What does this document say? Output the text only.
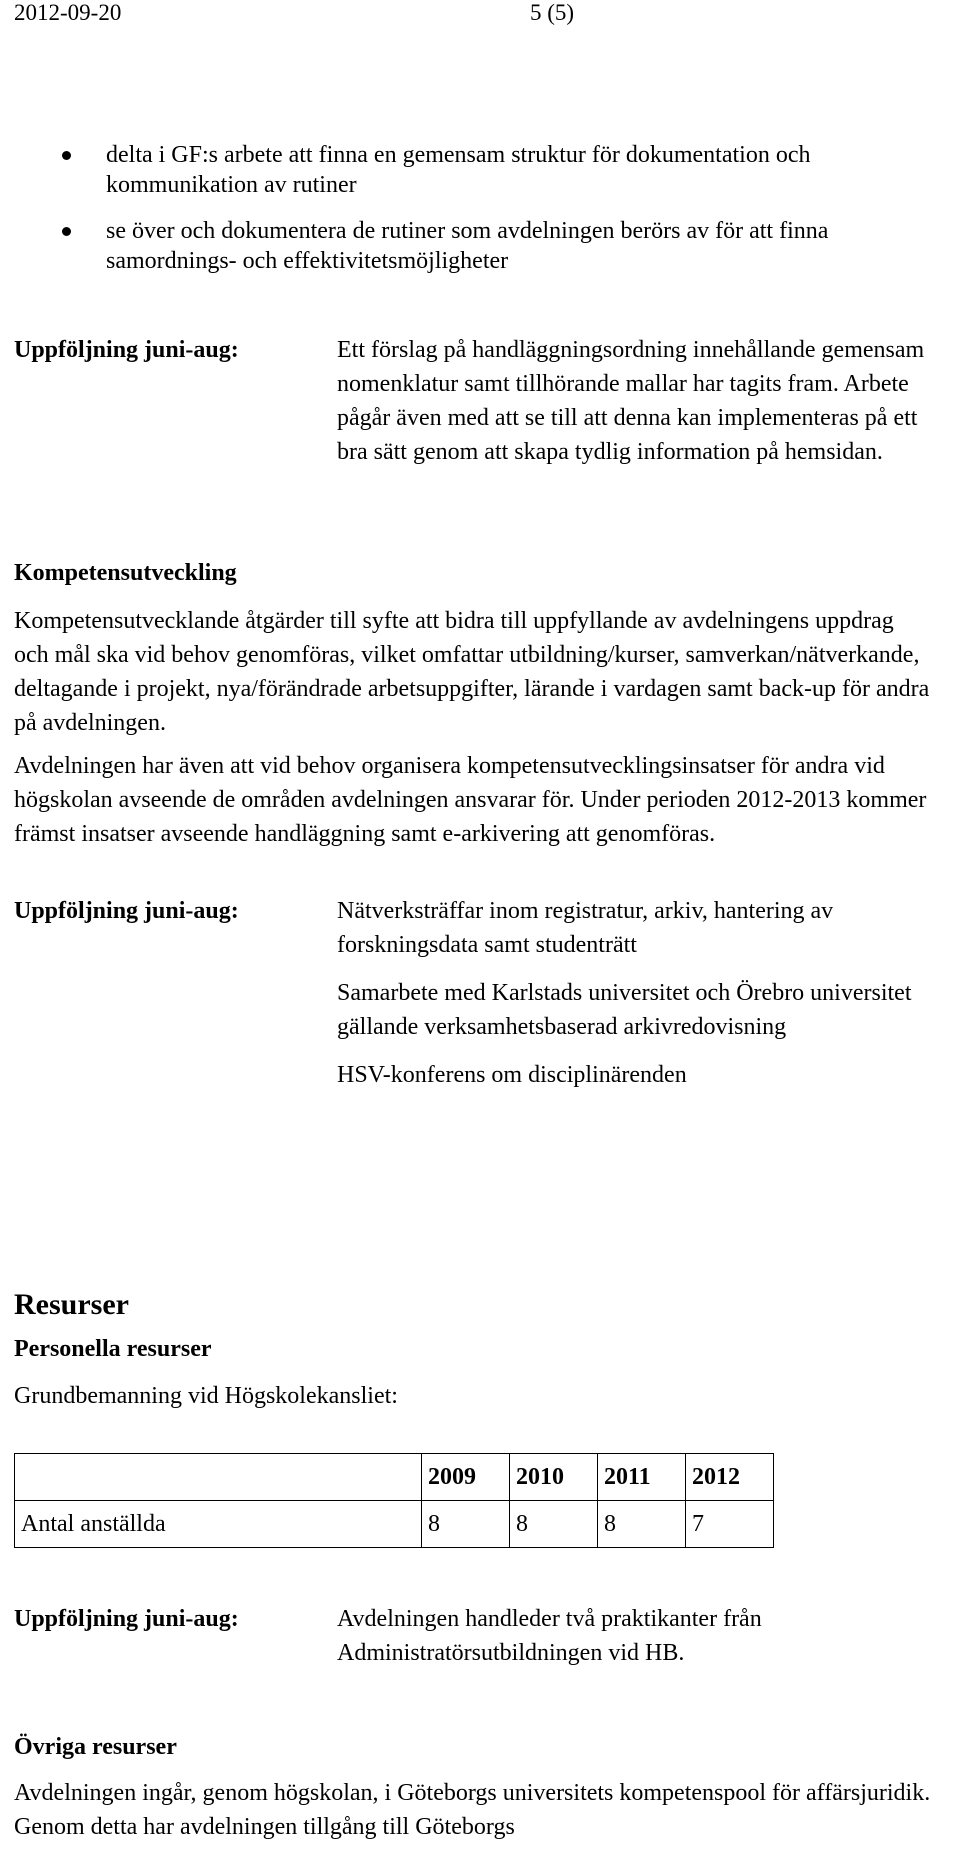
2012-09-20	5 (5)
delta i GF:s arbete att finna en gemensam struktur för dokumentation och kommunikation av rutiner
se över och dokumentera de rutiner som avdelningen berörs av för att finna samordnings- och effektivitetsmöjligheter
Uppföljning juni-aug:	Ett förslag på handläggningsordning innehållande gemensam nomenklatur samt tillhörande mallar har tagits fram. Arbete pågår även med att se till att denna kan implementeras på ett bra sätt genom att skapa tydlig information på hemsidan.

Kompetensutveckling

Kompetensutvecklande åtgärder till syfte att bidra till uppfyllande av avdelningens uppdrag och mål ska vid behov genomföras, vilket omfattar utbildning/kurser, samverkan/nätverkande, deltagande i projekt, nya/förändrade arbetsuppgifter, lärande i vardagen samt back-up för andra på avdelningen.

Avdelningen har även att vid behov organisera kompetensutvecklingsinsatser för andra vid högskolan avseende de områden avdelningen ansvarar för. Under perioden 2012-2013 kommer främst insatser avseende handläggning samt e-arkivering att genomföras.

Uppföljning juni-aug:	Nätverksträffar inom registratur, arkiv, hantering av forskningsdata samt studenträtt

Samarbete med Karlstads universitet och Örebro universitet gällande verksamhetsbaserad arkivredovisning

HSV-konferens om disciplinärenden

Resurser
Personella resurser

Grundbemanning vid Högskolekansliet:

	2009	2010	2011	2012
Antal anställda	8	8	8	7
Uppföljning juni-aug:	Avdelningen handleder två praktikanter från Administratörsutbildningen vid HB.

Övriga resurser

Avdelningen ingår, genom högskolan, i Göteborgs universitets kompetenspool för affärsjuridik. Genom detta har avdelningen tillgång till Göteborgs
